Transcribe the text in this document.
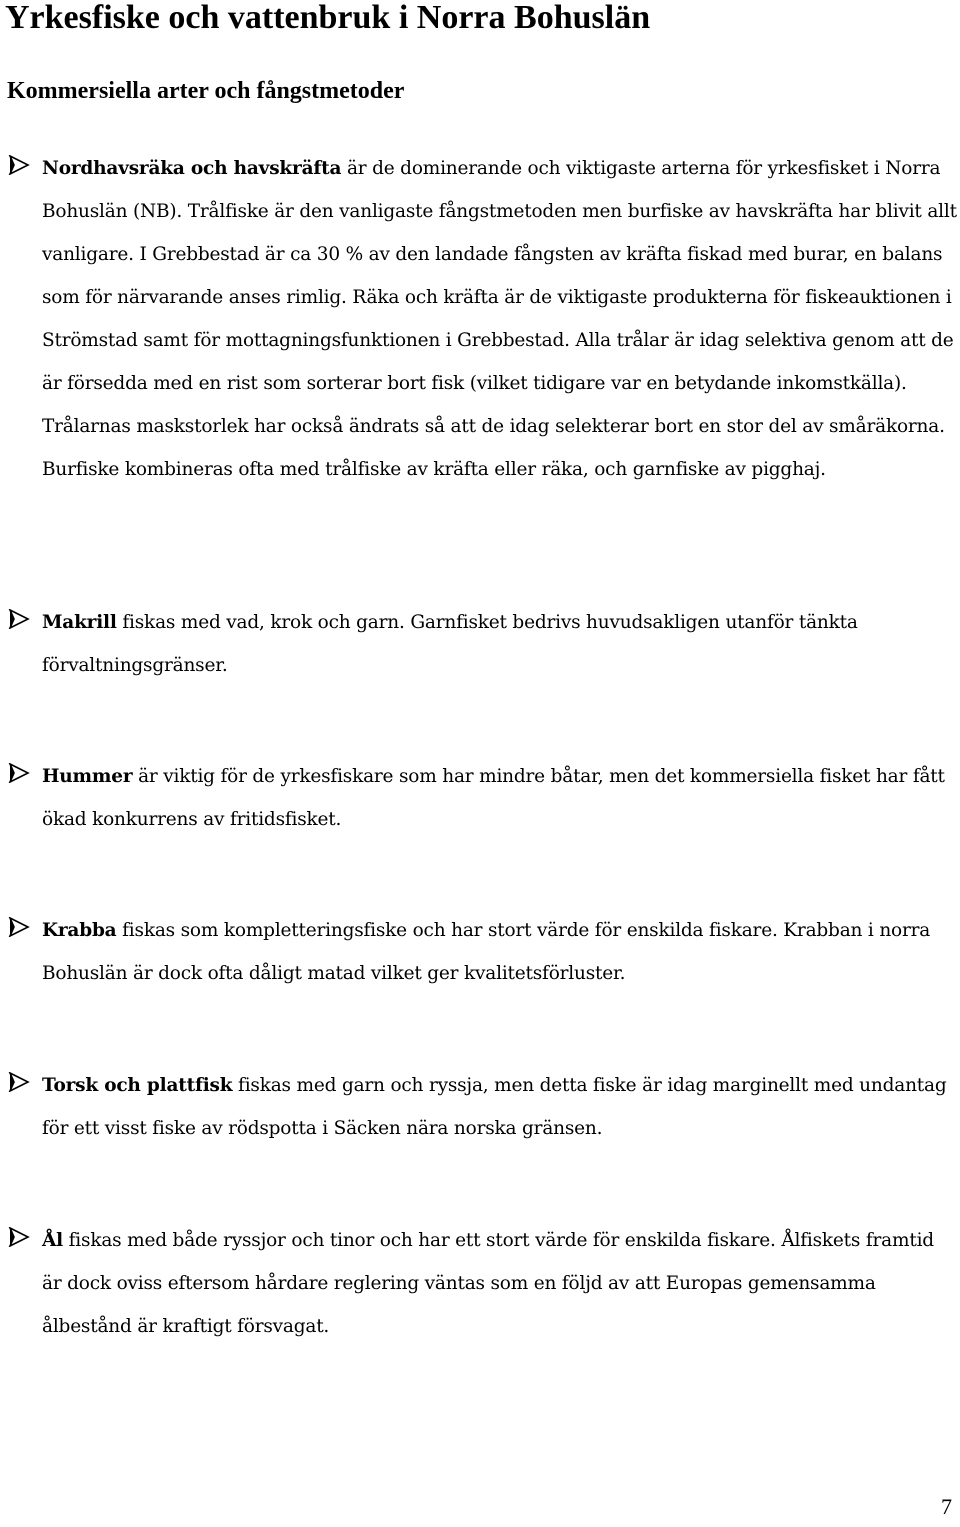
Yrkesfiske och vattenbruk i Norra Bohuslän
Kommersiella arter och fångstmetoder

Nordhavsräka och havskräfta är de dominerande och viktigaste arterna för yrkesfisket i Norra Bohuslän (NB). Trålfiske är den vanligaste fångstmetoden men burfiske av havskräfta har blivit allt vanligare. I Grebbestad är ca 30 % av den landade fångsten av kräfta fiskad med burar, en balans som för närvarande anses rimlig. Räka och kräfta är de viktigaste produkterna för fiskeauktionen i Strömstad samt för mottagningsfunktionen i Grebbestad. Alla trålar är idag selektiva genom att de är försedda med en rist som sorterar bort fisk (vilket tidigare var en betydande inkomstkälla). Trålarnas maskstorlek har också ändrats så att de idag selekterar bort en stor del av småräkorna. Burfiske kombineras ofta med trålfiske av kräfta eller räka, och garnfiske av pigghaj.

Makrill fiskas med vad, krok och garn. Garnfisket bedrivs huvudsakligen utanför tänkta förvaltningsgränser.

Hummer är viktig för de yrkesfiskare som har mindre båtar, men det kommersiella fisket har fått ökad konkurrens av fritidsfisket.

Krabba fiskas som kompletteringsfiske och har stort värde för enskilda fiskare. Krabban i norra Bohuslän är dock ofta dåligt matad vilket ger kvalitetsförluster.

Torsk och plattfisk fiskas med garn och ryssja, men detta fiske är idag marginellt med undantag för ett visst fiske av rödspotta i Säcken nära norska gränsen.

Ål fiskas med både ryssjor och tinor och har ett stort värde för enskilda fiskare. Ålfiskets framtid är dock oviss eftersom hårdare reglering väntas som en följd av att Europas gemensamma ålbestånd är kraftigt försvagat.

7
